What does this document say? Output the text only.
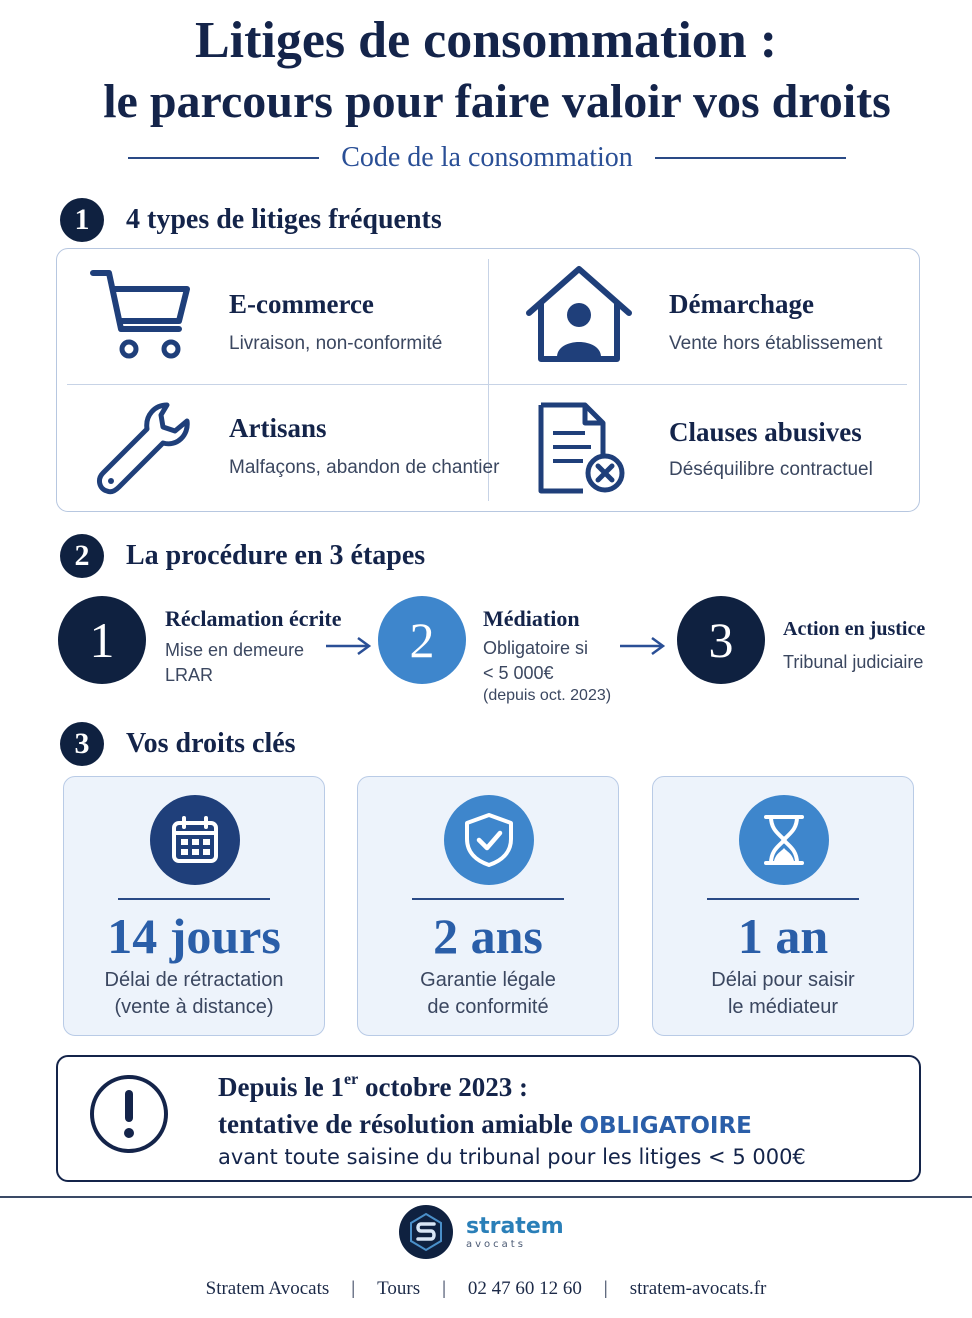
Litiges de consommation :
le parcours pour faire valoir vos droits
Code de la consommation
1	4 types de litiges fréquents
E-commerce
Livraison, non-conformité
Démarchage
Vente hors établissement
Artisans
Malfaçons, abandon de chantier
Clauses abusives
Déséquilibre contractuel
2	La procédure en 3 étapes
1	Réclamation écrite
Mise en demeure
LRAR
2	Médiation
Obligatoire si
< 5 000€
(depuis oct. 2023)
3	Action en justice
Tribunal judiciaire
3	Vos droits clés
14 jours
Délai de rétractation
(vente à distance)
2 ans
Garantie légale
de conformité
1 an
Délai pour saisir
le médiateur
Depuis le 1er octobre 2023 :
tentative de résolution amiable OBLIGATOIRE
avant toute saisine du tribunal pour les litiges < 5 000€
stratem
avocats
Stratem Avocats | Tours | 02 47 60 12 60 | stratem-avocats.fr
